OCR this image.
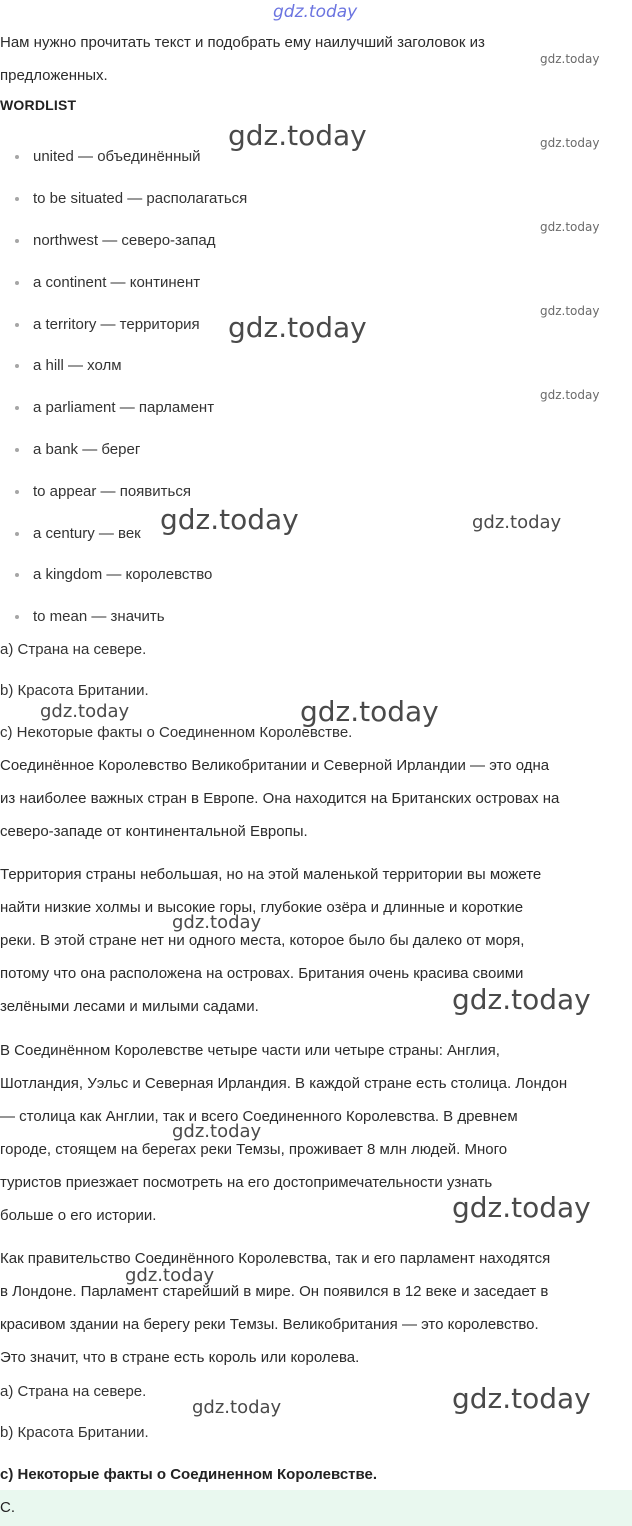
gdz.today
Нам нужно прочитать текст и подобрать ему наилучший заголовок из
предложенных.
WORDLIST
united — объединённый
to be situated — располагаться
northwest — северо-запад
a continent — континент
a territory — территория
a hill — холм
a parliament — парламент
a bank — берег
to appear — появиться
a century — век
a kingdom — королевство
to mean — значить
a) Страна на севере.
b) Красота Британии.
c) Некоторые факты о Соединенном Королевстве.
Соединённое Королевство Великобритании и Северной Ирландии — это одна
из наиболее важных стран в Европе. Она находится на Британских островах на
северо-западе от континентальной Европы.
Территория страны небольшая, но на этой маленькой территории вы можете
найти низкие холмы и высокие горы, глубокие озёра и длинные и короткие
реки. В этой стране нет ни одного места, которое было бы далеко от моря,
потому что она расположена на островах. Британия очень красива своими
зелёными лесами и милыми садами.
В Соединённом Королевстве четыре части или четыре страны: Англия,
Шотландия, Уэльс и Северная Ирландия. В каждой стране есть столица. Лондон
— столица как Англии, так и всего Соединенного Королевства. В древнем
городе, стоящем на берегах реки Темзы, проживает 8 млн людей. Много
туристов приезжает посмотреть на его достопримечательности узнать
больше о его истории.
Как правительство Соединённого Королевства, так и его парламент находятся
в Лондоне. Парламент старейший в мире. Он появился в 12 веке и заседает в
красивом здании на берегу реки Темзы. Великобритания — это королевство.
Это значит, что в стране есть король или королева.
a) Страна на севере.
b) Красота Британии.
c) Некоторые факты о Соединенном Королевстве.
C.
gdz.today
gdz.today	gdz.today
gdz.today
gdz.today
gdz.today
gdz.today
gdz.today	gdz.today
gdz.today	gdz.today
gdz.today
gdz.today
gdz.today
gdz.today
gdz.today
gdz.today
gdz.today
